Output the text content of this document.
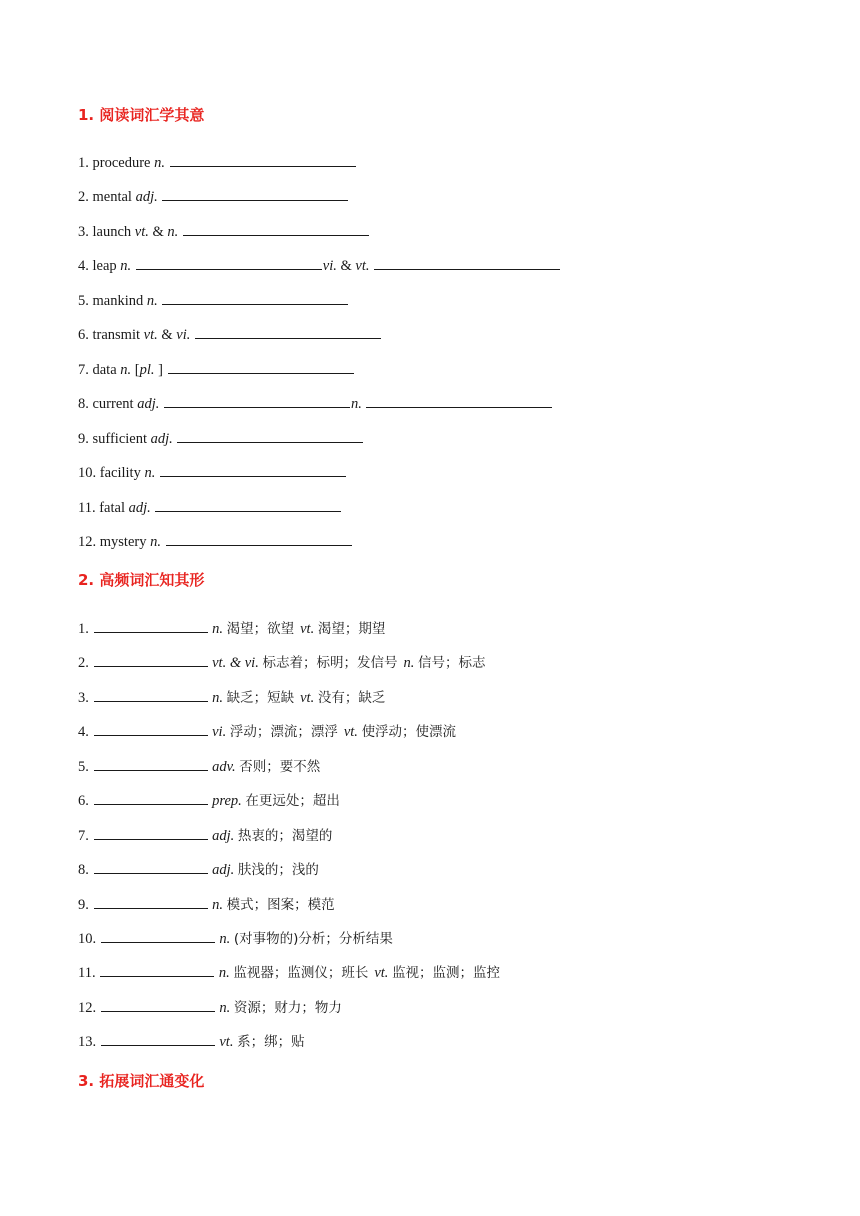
1. 阅读词汇学其意
1. procedure n.
2. mental adj.
3. launch vt. & n.
4. leap n.	vi. & vt.
5. mankind n.
6. transmit vt. & vi.
7. data n. [pl. ]
8. current adj.	n.
9. sufficient adj.
10. facility n.
11. fatal adj.
12. mystery n.
2. 高频词汇知其形
1.	n. 渴望；欲望 vt. 渴望；期望
2.	vt. & vi. 标志着；标明；发信号 n. 信号；标志
3.	n. 缺乏；短缺 vt. 没有；缺乏
4.	vi. 浮动；漂流；漂浮 vt. 使浮动；使漂流
5.	adv. 否则；要不然
6.	prep. 在更远处；超出
7.	adj. 热衷的；渴望的
8.	adj. 肤浅的；浅的
9.	n. 模式；图案；模范
10.	n. (对事物的)分析；分析结果
11.	n. 监视器；监测仪；班长 vt. 监视；监测；监控
12.	n. 资源；财力；物力
13.	vt. 系；绑；贴
3. 拓展词汇通变化
